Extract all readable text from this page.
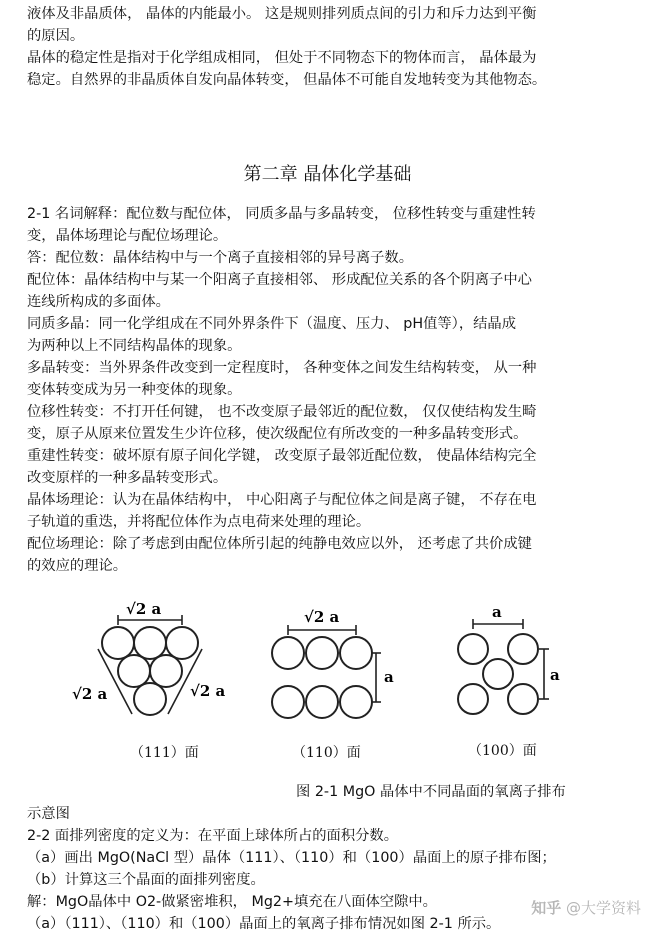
液体及非晶质体， 晶体的内能最小。 这是规则排列质点间的引力和斥力达到平衡
的原因。
晶体的稳定性是指对于化学组成相同， 但处于不同物态下的物体而言， 晶体最为
稳定。自然界的非晶质体自发向晶体转变， 但晶体不可能自发地转变为其他物态。
第二章 晶体化学基础
2-1 名词解释：配位数与配位体， 同质多晶与多晶转变， 位移性转变与重建性转
变，晶体场理论与配位场理论。
答：配位数：晶体结构中与一个离子直接相邻的异号离子数。
配位体：晶体结构中与某一个阳离子直接相邻、 形成配位关系的各个阴离子中心
连线所构成的多面体。
同质多晶：同一化学组成在不同外界条件下（温度、压力、 pH值等），结晶成
为两种以上不同结构晶体的现象。
多晶转变：当外界条件改变到一定程度时， 各种变体之间发生结构转变， 从一种
变体转变成为另一种变体的现象。
位移性转变：不打开任何键， 也不改变原子最邻近的配位数， 仅仅使结构发生畸
变，原子从原来位置发生少许位移，使次级配位有所改变的一种多晶转变形式。
重建性转变：破坏原有原子间化学键， 改变原子最邻近配位数， 使晶体结构完全
改变原样的一种多晶转变形式。
晶体场理论：认为在晶体结构中， 中心阳离子与配位体之间是离子键， 不存在电
子轨道的重迭，并将配位体作为点电荷来处理的理论。
配位场理论：除了考虑到由配位体所引起的纯静电效应以外， 还考虑了共价成键
的效应的理论。
√2 a
√2 a	√2 a
（111）面
√2 a
a
（110）面
a
a
（100）面
图 2-1 MgO 晶体中不同晶面的氧离子排布
示意图
2-2 面排列密度的定义为：在平面上球体所占的面积分数。
（a）画出 MgO(NaCl 型）晶体（111）、（110）和（100）晶面上的原子排布图；
（b）计算这三个晶面的面排列密度。
解：MgO晶体中 O2-做紧密堆积， Mg2+填充在八面体空隙中。
（a）（111）、（110）和（100）晶面上的氧离子排布情况如图 2-1 所示。
知乎 @大学资料
